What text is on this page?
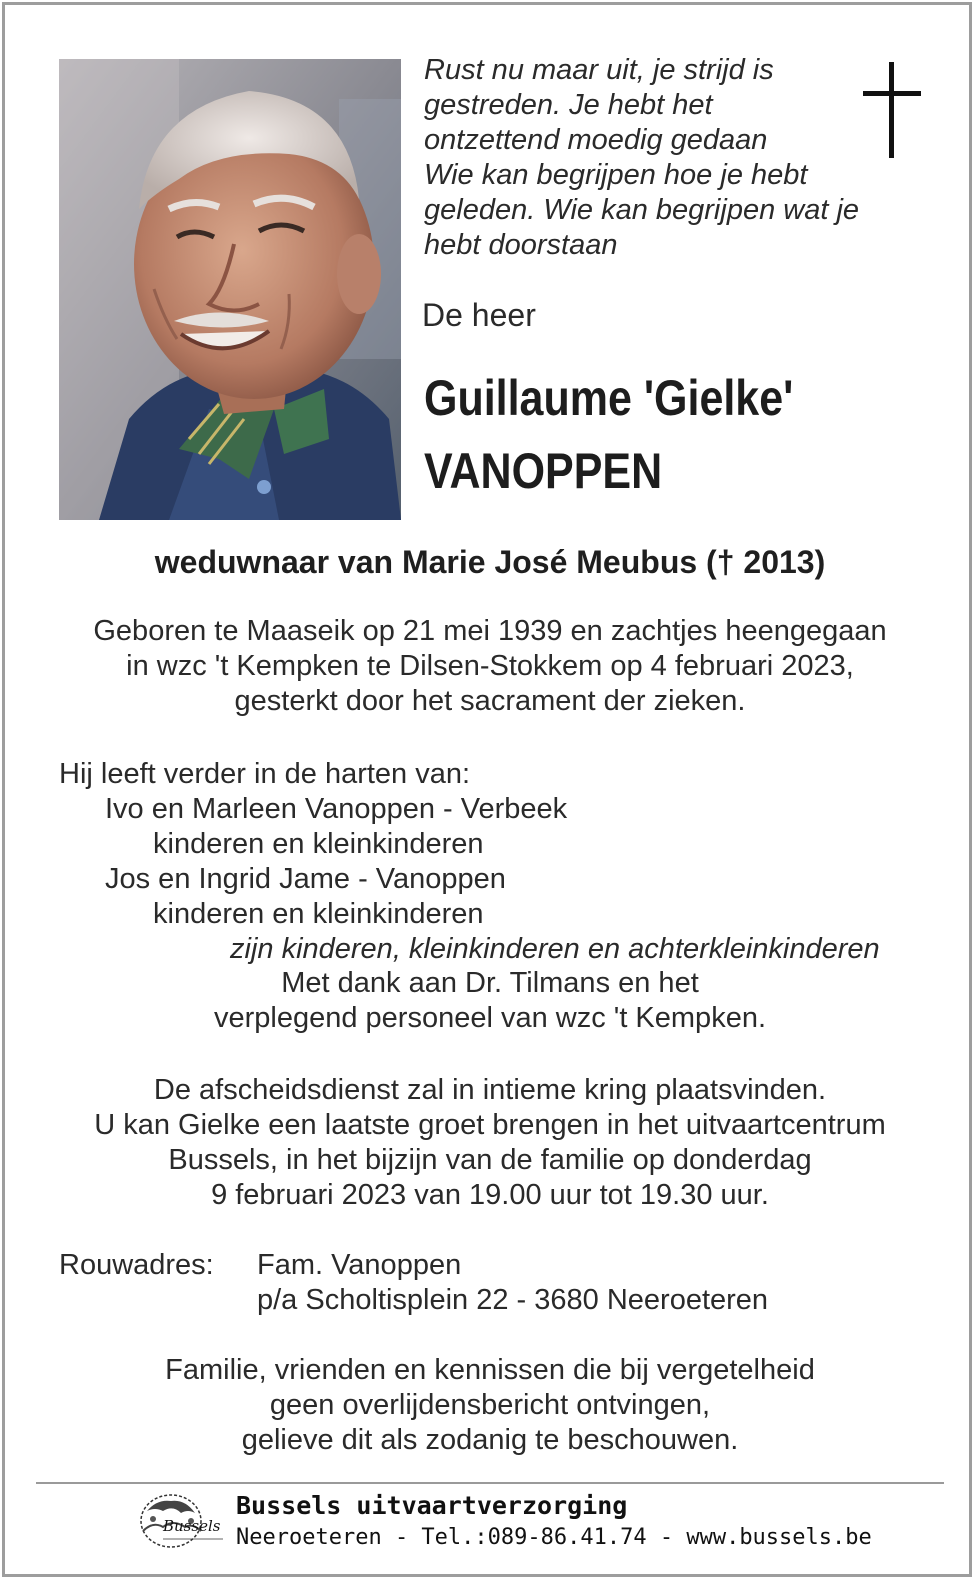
Rust nu maar uit, je strijd is
gestreden. Je hebt het
ontzettend moedig gedaan
Wie kan begrijpen hoe je hebt
geleden. Wie kan begrijpen wat je
hebt doorstaan
De heer
Guillaume 'Gielke'
VANOPPEN
weduwnaar van Marie José Meubus († 2013)
Geboren te Maaseik op 21 mei 1939 en zachtjes heengegaan
in wzc 't Kempken te Dilsen-Stokkem op 4 februari 2023,
gesterkt door het sacrament der zieken.
Hij leeft verder in de harten van:
Ivo en Marleen Vanoppen - Verbeek
kinderen en kleinkinderen
Jos en Ingrid Jame - Vanoppen
kinderen en kleinkinderen
zijn kinderen, kleinkinderen en achterkleinkinderen
Met dank aan Dr. Tilmans en het
verplegend personeel van wzc 't Kempken.
De afscheidsdienst zal in intieme kring plaatsvinden.
U kan Gielke een laatste groet brengen in het uitvaartcentrum
Bussels, in het bijzijn van de familie op donderdag
9 februari 2023 van 19.00 uur tot 19.30 uur.
Rouwadres: Fam. Vanoppen
p/a Scholtisplein 22 - 3680 Neeroeteren
Familie, vrienden en kennissen die bij vergetelheid
geen overlijdensbericht ontvingen,
gelieve dit als zodanig te beschouwen.
Bussels
Bussels uitvaartverzorging
Neeroeteren - Tel.:089-86.41.74 - www.bussels.be
